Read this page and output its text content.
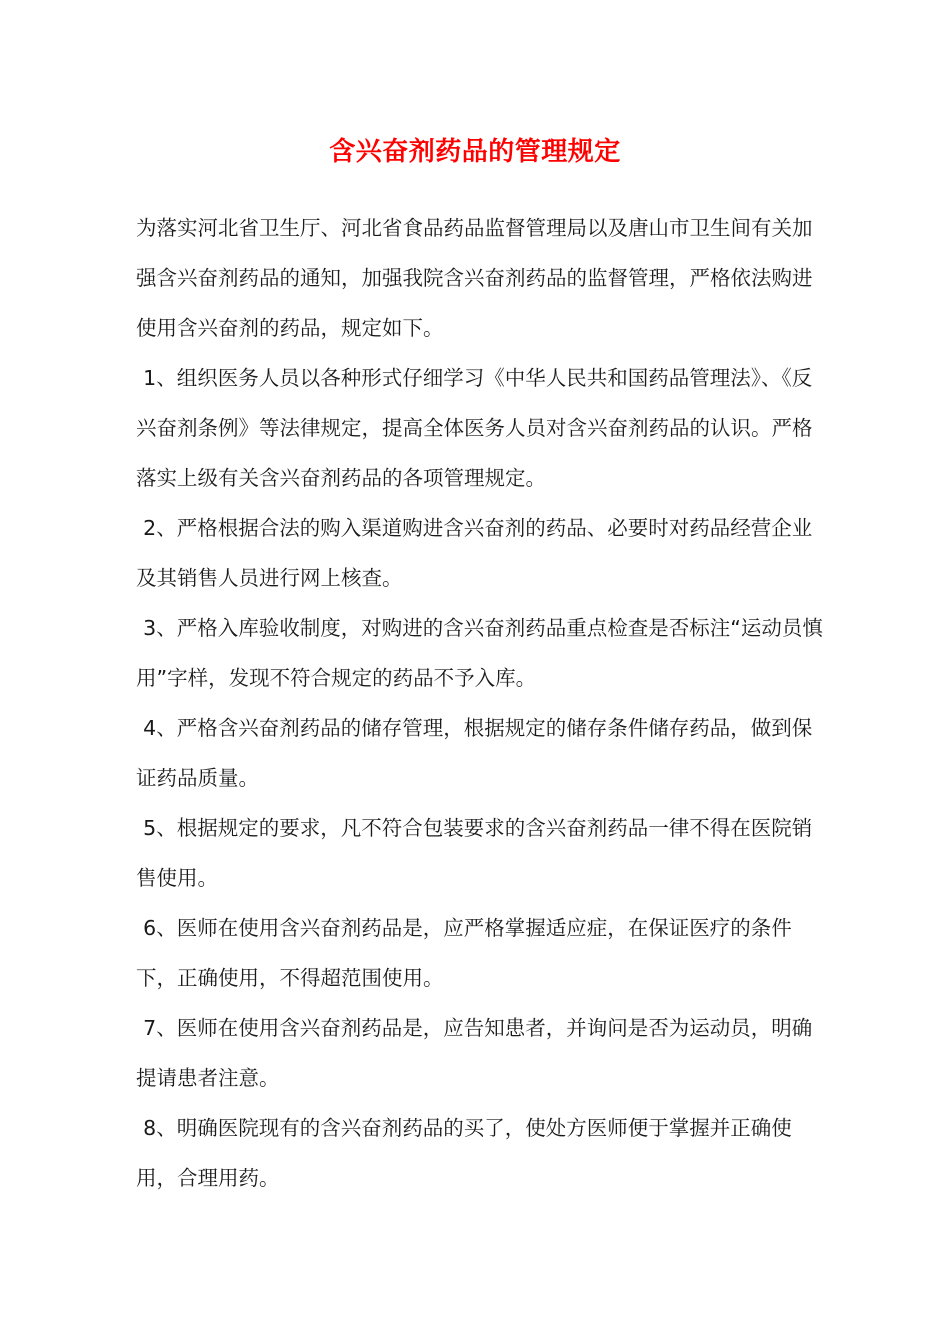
含兴奋剂药品的管理规定

为落实河北省卫生厅、河北省食品药品监督管理局以及唐山市卫生间有关加强含兴奋剂药品的通知，加强我院含兴奋剂药品的监督管理，严格依法购进使用含兴奋剂的药品，规定如下。

1、组织医务人员以各种形式仔细学习《中华人民共和国药品管理法》、《反兴奋剂条例》等法律规定，提高全体医务人员对含兴奋剂药品的认识。严格落实上级有关含兴奋剂药品的各项管理规定。

2、严格根据合法的购入渠道购进含兴奋剂的药品、必要时对药品经营企业及其销售人员进行网上核查。

3、严格入库验收制度，对购进的含兴奋剂药品重点检查是否标注“运动员慎用”字样，发现不符合规定的药品不予入库。

4、严格含兴奋剂药品的储存管理，根据规定的储存条件储存药品，做到保证药品质量。

5、根据规定的要求，凡不符合包装要求的含兴奋剂药品一律不得在医院销售使用。

6、医师在使用含兴奋剂药品是，应严格掌握适应症，在保证医疗的条件下，正确使用，不得超范围使用。

7、医师在使用含兴奋剂药品是，应告知患者，并询问是否为运动员，明确提请患者注意。

8、明确医院现有的含兴奋剂药品的买了，使处方医师便于掌握并正确使用，合理用药。
